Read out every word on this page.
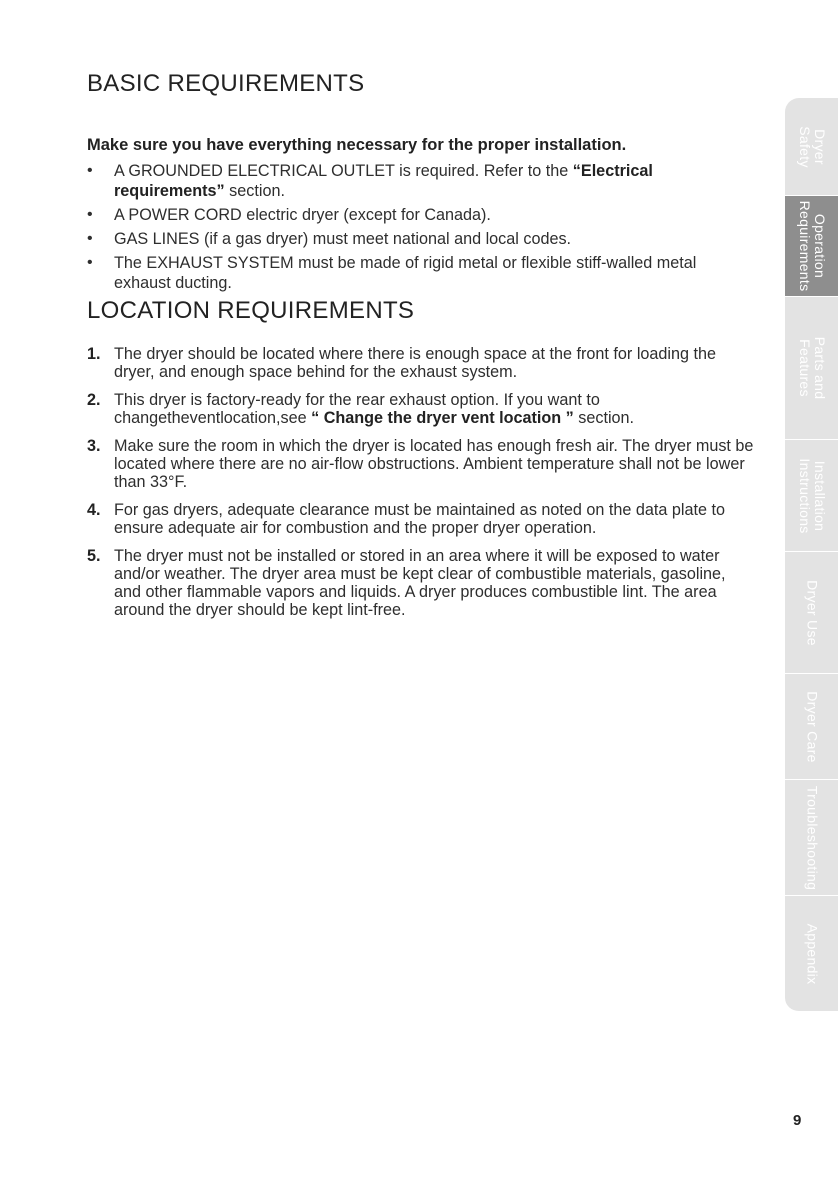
BASIC REQUIREMENTS

Make sure you have everything necessary for the proper installation.

• A GROUNDED ELECTRICAL OUTLET is required. Refer to the “Electrical requirements” section.
• A POWER CORD electric dryer (except for Canada).
• GAS LINES (if a gas dryer) must meet national and local codes.
• The EXHAUST SYSTEM must be made of rigid metal or flexible stiff-walled metal exhaust ducting.
LOCATION REQUIREMENTS
1. The dryer should be located where there is enough space at the front for loading the dryer, and enough space behind for the exhaust system.
2. This dryer is factory-ready for the rear exhaust option. If you want to changetheventlocation,see “ Change the dryer vent location ” section.
3. Make sure the room in which the dryer is located has enough fresh air. The dryer must be located where there are no air-flow obstructions. Ambient temperature shall not be lower than 33°F.
4. For gas dryers, adequate clearance must be maintained as noted on the data plate to ensure adequate air for combustion and the proper dryer operation.
5. The dryer must not be installed or stored in an area where it will be exposed to water and/or weather. The dryer area must be kept clear of combustible materials, gasoline, and other flammable vapors and liquids. A dryer produces combustible lint. The area around the dryer should be kept lint-free.
Dryer
Safety
Operation
Requirements
Parts and
Features
Installation
Instructions
Dryer Use
Dryer Care
Troubleshooting
Appendix
9
